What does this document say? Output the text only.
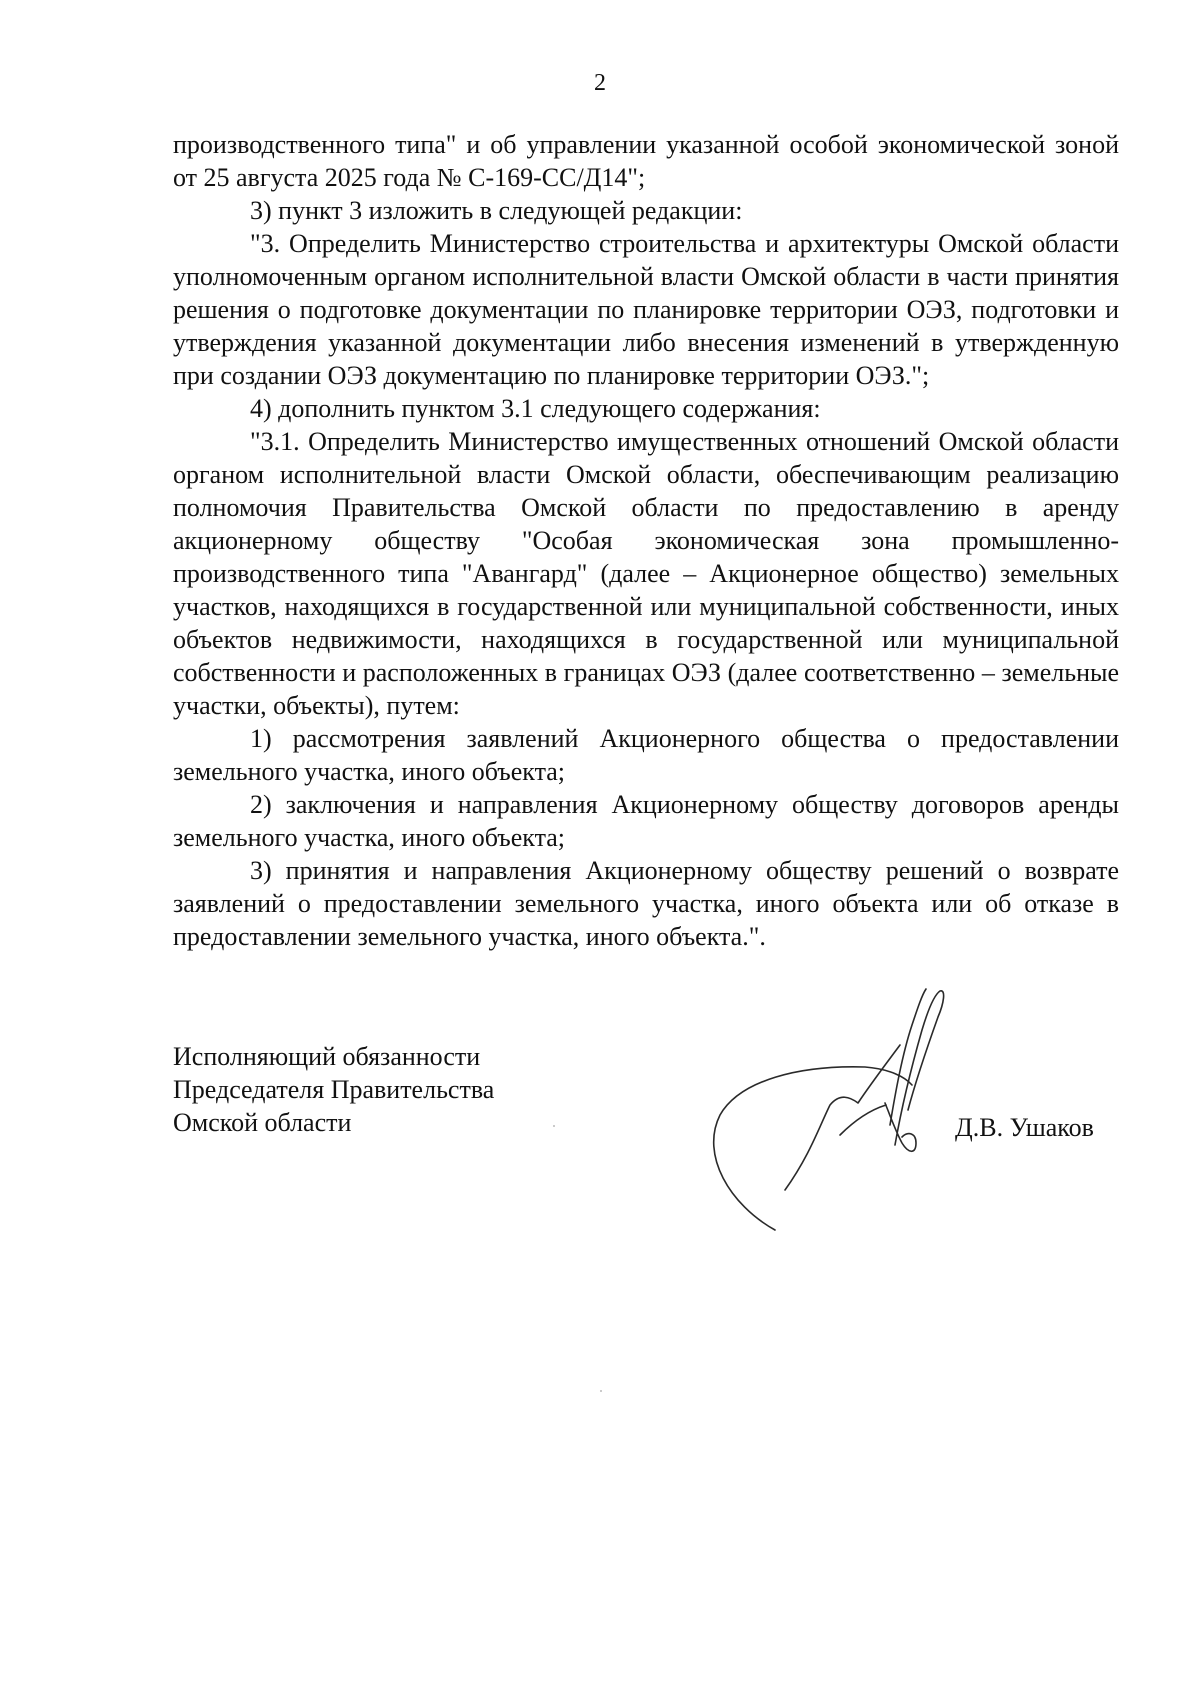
2

производственного типа" и об управлении указанной особой экономической зоной от 25 августа 2025 года № С-169-СС/Д14";

3) пункт 3 изложить в следующей редакции:

"3. Определить Министерство строительства и архитектуры Омской области уполномоченным органом исполнительной власти Омской области в части принятия решения о подготовке документации по планировке территории ОЭЗ, подготовки и утверждения указанной документации либо внесения изменений в утвержденную при создании ОЭЗ документацию по планировке территории ОЭЗ.";

4) дополнить пунктом 3.1 следующего содержания:

"3.1. Определить Министерство имущественных отношений Омской области органом исполнительной власти Омской области, обеспечивающим реализацию полномочия Правительства Омской области по предоставлению в аренду акционерному обществу "Особая экономическая зона промышленно-производственного типа "Авангард" (далее – Акционерное общество) земельных участков, находящихся в государственной или муниципальной собственности, иных объектов недвижимости, находящихся в государственной или муниципальной собственности и расположенных в границах ОЭЗ (далее соответственно – земельные участки, объекты), путем:

1) рассмотрения заявлений Акционерного общества о предоставлении земельного участка, иного объекта;

2) заключения и направления Акционерному обществу договоров аренды земельного участка, иного объекта;

3) принятия и направления Акционерному обществу решений о возврате заявлений о предоставлении земельного участка, иного объекта или об отказе в предоставлении земельного участка, иного объекта.".

Исполняющий обязанности
Председателя Правительства
Омской области	Д.В. Ушаков
